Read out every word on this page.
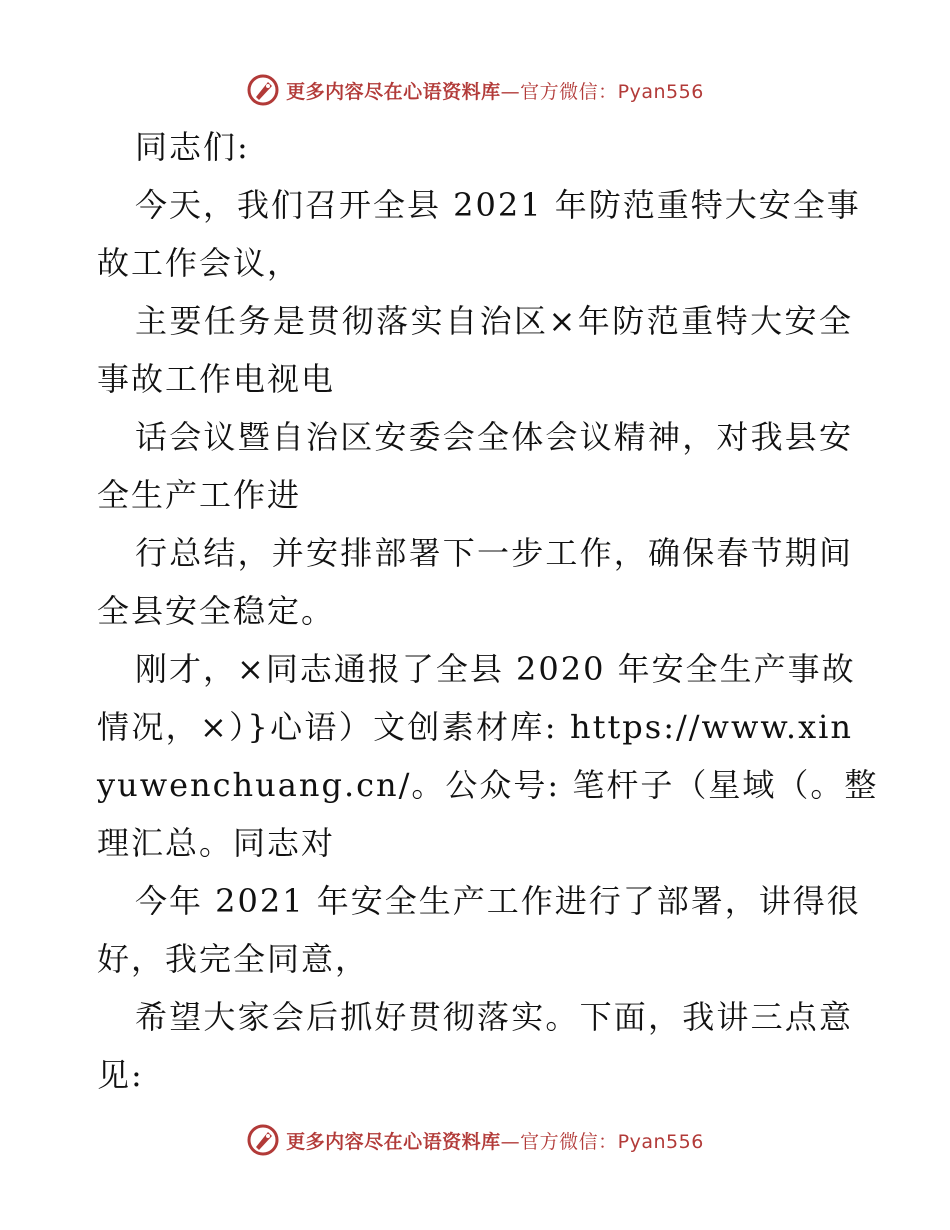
更多内容尽在心语资料库—官方微信：Pyan556
同志们:
今天，我们召开全县 2021 年防范重特大安全事
故工作会议，
主要任务是贯彻落实自治区×年防范重特大安全
事故工作电视电
话会议暨自治区安委会全体会议精神，对我县安
全生产工作进
行总结，并安排部署下一步工作，确保春节期间
全县安全稳定。
刚才，×同志通报了全县 2020 年安全生产事故
情况，×）}心语）文创素材库: https://www.xin
yuwenchuang.cn/。公众号: 笔杆子（星域（。整
理汇总。同志对
今年 2021 年安全生产工作进行了部署，讲得很
好，我完全同意，
希望大家会后抓好贯彻落实。下面，我讲三点意
见:
更多内容尽在心语资料库—官方微信：Pyan556
